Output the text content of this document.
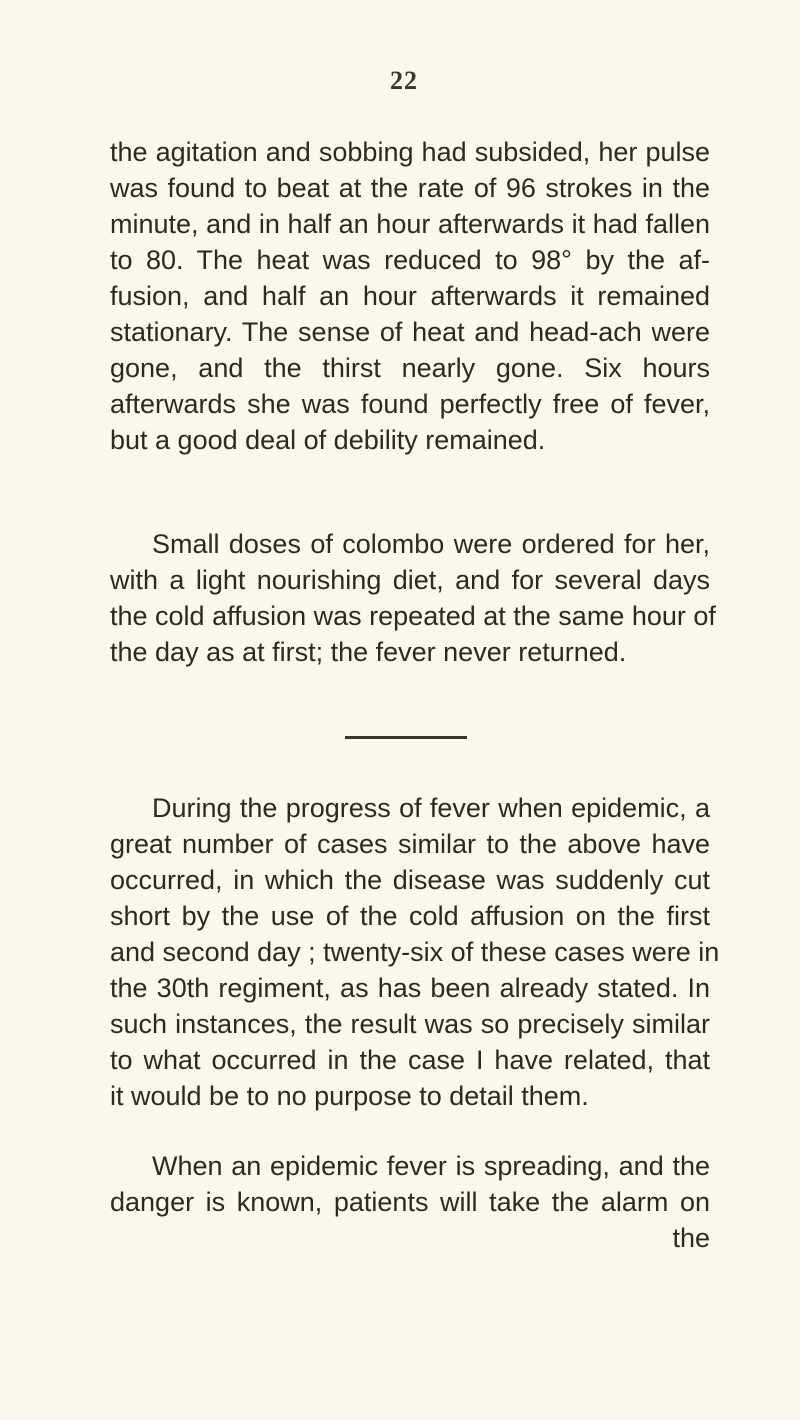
22
the agitation and sobbing had subsided, her pulse
was found to beat at the rate of 96 strokes in the
minute, and in half an hour afterwards it had fallen
to 80. The heat was reduced to 98° by the af-
fusion, and half an hour afterwards it remained
stationary. The sense of heat and head-ach were
gone, and the thirst nearly gone. Six hours
afterwards she was found perfectly free of fever,
but a good deal of debility remained.
Small doses of colombo were ordered for her,
with a light nourishing diet, and for several days
the cold affusion was repeated at the same hour of
the day as at first; the fever never returned.
During the progress of fever when epidemic, a
great number of cases similar to the above have
occurred, in which the disease was suddenly cut
short by the use of the cold affusion on the first
and second day ; twenty-six of these cases were in
the 30th regiment, as has been already stated. In
such instances, the result was so precisely similar
to what occurred in the case I have related, that
it would be to no purpose to detail them.
When an epidemic fever is spreading, and the
danger is known, patients will take the alarm on
the
